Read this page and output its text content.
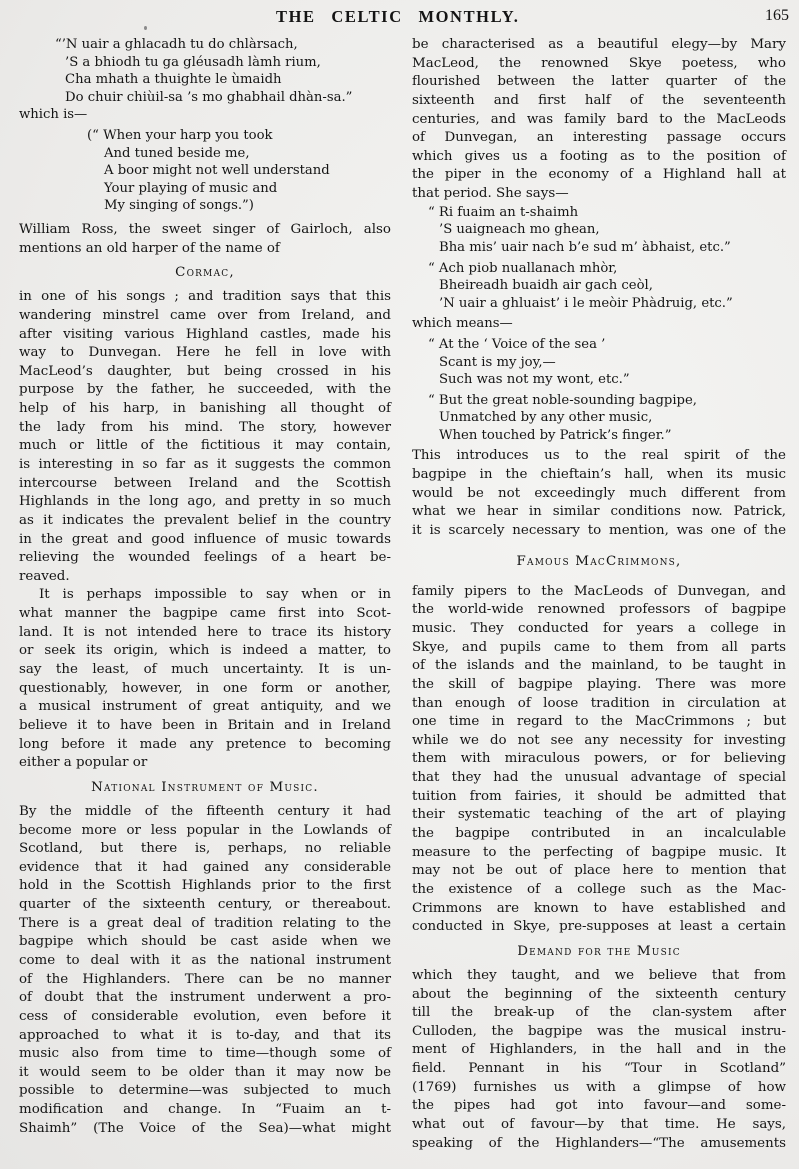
THE CELTIC MONTHLY.	165
“’N uair a ghlacadh tu do chlàrsach,
’S a bhiodh tu ga gléusadh làmh rium,
Cha mhath a thuighte le ùmaidh
Do chuir chiùil-sa ’s mo ghabhail dhàn-sa.”
which is—
(“ When your harp you took
And tuned beside me,
A boor might not well understand
Your playing of music and
My singing of songs.”)
William Ross, the sweet singer of Gairloch, also
mentions an old harper of the name of
Cormac,
in one of his songs ; and tradition says that this
wandering minstrel came over from Ireland, and
after visiting various Highland castles, made his
way to Dunvegan. Here he fell in love with
MacLeod’s daughter, but being crossed in his
purpose by the father, he succeeded, with the
help of his harp, in banishing all thought of
the lady from his mind. The story, however
much or little of the fictitious it may contain,
is interesting in so far as it suggests the common
intercourse between Ireland and the Scottish
Highlands in the long ago, and pretty in so much
as it indicates the prevalent belief in the country
in the great and good influence of music towards
relieving the wounded feelings of a heart be-
reaved.
It is perhaps impossible to say when or in
what manner the bagpipe came first into Scot-
land. It is not intended here to trace its history
or seek its origin, which is indeed a matter, to
say the least, of much uncertainty. It is un-
questionably, however, in one form or another,
a musical instrument of great antiquity, and we
believe it to have been in Britain and in Ireland
long before it made any pretence to becoming
either a popular or
National Instrument of Music.
By the middle of the fifteenth century it had
become more or less popular in the Lowlands of
Scotland, but there is, perhaps, no reliable
evidence that it had gained any considerable
hold in the Scottish Highlands prior to the first
quarter of the sixteenth century, or thereabout.
There is a great deal of tradition relating to the
bagpipe which should be cast aside when we
come to deal with it as the national instrument
of the Highlanders. There can be no manner
of doubt that the instrument underwent a pro-
cess of considerable evolution, even before it
approached to what it is to-day, and that its
music also from time to time—though some of
it would seem to be older than it may now be
possible to determine—was subjected to much
modification and change. In “Fuaim an t-
Shaimh” (The Voice of the Sea)—what might
be characterised as a beautiful elegy—by Mary
MacLeod, the renowned Skye poetess, who
flourished between the latter quarter of the
sixteenth and first half of the seventeenth
centuries, and was family bard to the MacLeods
of Dunvegan, an interesting passage occurs
which gives us a footing as to the position of
the piper in the economy of a Highland hall at
that period. She says—
“ Ri fuaim an t-shaimh
’S uaigneach mo ghean,
Bha mis’ uair nach b’e sud m’ àbhaist, etc.”
“ Ach piob nuallanach mhòr,
Bheireadh buaidh air gach ceòl,
’N uair a ghluaist’ i le meòir Phàdruig, etc.”
which means—
“ At the ‘ Voice of the sea ’
Scant is my joy,—
Such was not my wont, etc.”
“ But the great noble-sounding bagpipe,
Unmatched by any other music,
When touched by Patrick’s finger.”
This introduces us to the real spirit of the
bagpipe in the chieftain’s hall, when its music
would be not exceedingly much different from
what we hear in similar conditions now. Patrick,
it is scarcely necessary to mention, was one of the
Famous MacCrimmons,
family pipers to the MacLeods of Dunvegan, and
the world-wide renowned professors of bagpipe
music. They conducted for years a college in
Skye, and pupils came to them from all parts
of the islands and the mainland, to be taught in
the skill of bagpipe playing. There was more
than enough of loose tradition in circulation at
one time in regard to the MacCrimmons ; but
while we do not see any necessity for investing
them with miraculous powers, or for believing
that they had the unusual advantage of special
tuition from fairies, it should be admitted that
their systematic teaching of the art of playing
the bagpipe contributed in an incalculable
measure to the perfecting of bagpipe music. It
may not be out of place here to mention that
the existence of a college such as the Mac-
Crimmons are known to have established and
conducted in Skye, pre-supposes at least a certain
Demand for the Music
which they taught, and we believe that from
about the beginning of the sixteenth century
till the break-up of the clan-system after
Culloden, the bagpipe was the musical instru-
ment of Highlanders, in the hall and in the
field. Pennant in his “Tour in Scotland”
(1769) furnishes us with a glimpse of how
the pipes had got into favour—and some-
what out of favour—by that time. He says,
speaking of the Highlanders—“The amusements
